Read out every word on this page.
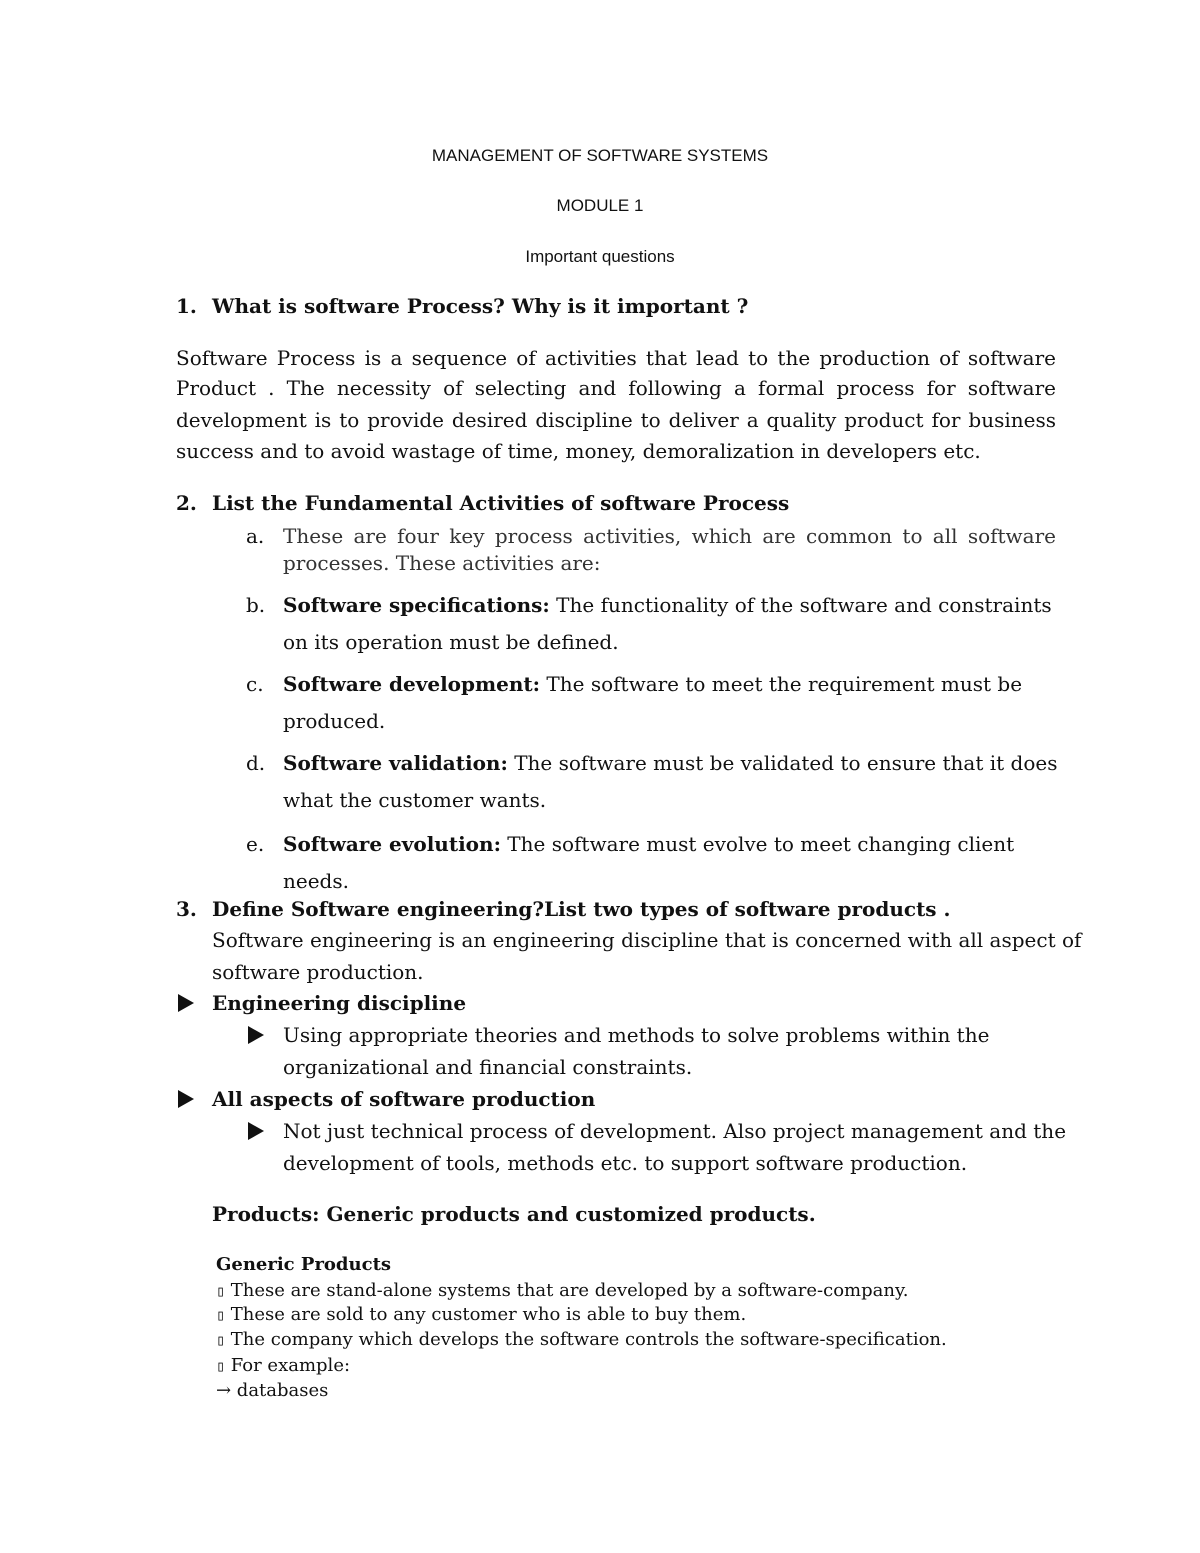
MANAGEMENT OF SOFTWARE SYSTEMS
MODULE 1
Important questions
1. What is software Process? Why is it important ?
Software Process is a sequence of activities that lead to the production of software
Product . The necessity of selecting and following a formal process for software
development is to provide desired discipline to deliver a quality product for business
success and to avoid wastage of time, money, demoralization in developers etc.
2. List the Fundamental Activities of software Process
a. These are four key process activities, which are common to all software
processes. These activities are:
b. Software specifications: The functionality of the software and constraints
on its operation must be defined.
c. Software development: The software to meet the requirement must be
produced.
d. Software validation: The software must be validated to ensure that it does
what the customer wants.
e. Software evolution: The software must evolve to meet changing client
needs.
3. Define Software engineering?List two types of software products .
Software engineering is an engineering discipline that is concerned with all aspect of
software production.
Engineering discipline
Using appropriate theories and methods to solve problems within the
organizational and financial constraints.
All aspects of software production
Not just technical process of development. Also project management and the
development of tools, methods etc. to support software production.
Products: Generic products and customized products.
Generic Products
▯ These are stand-alone systems that are developed by a software-company.
▯ These are sold to any customer who is able to buy them.
▯ The company which develops the software controls the software-specification.
▯ For example:
→ databases
